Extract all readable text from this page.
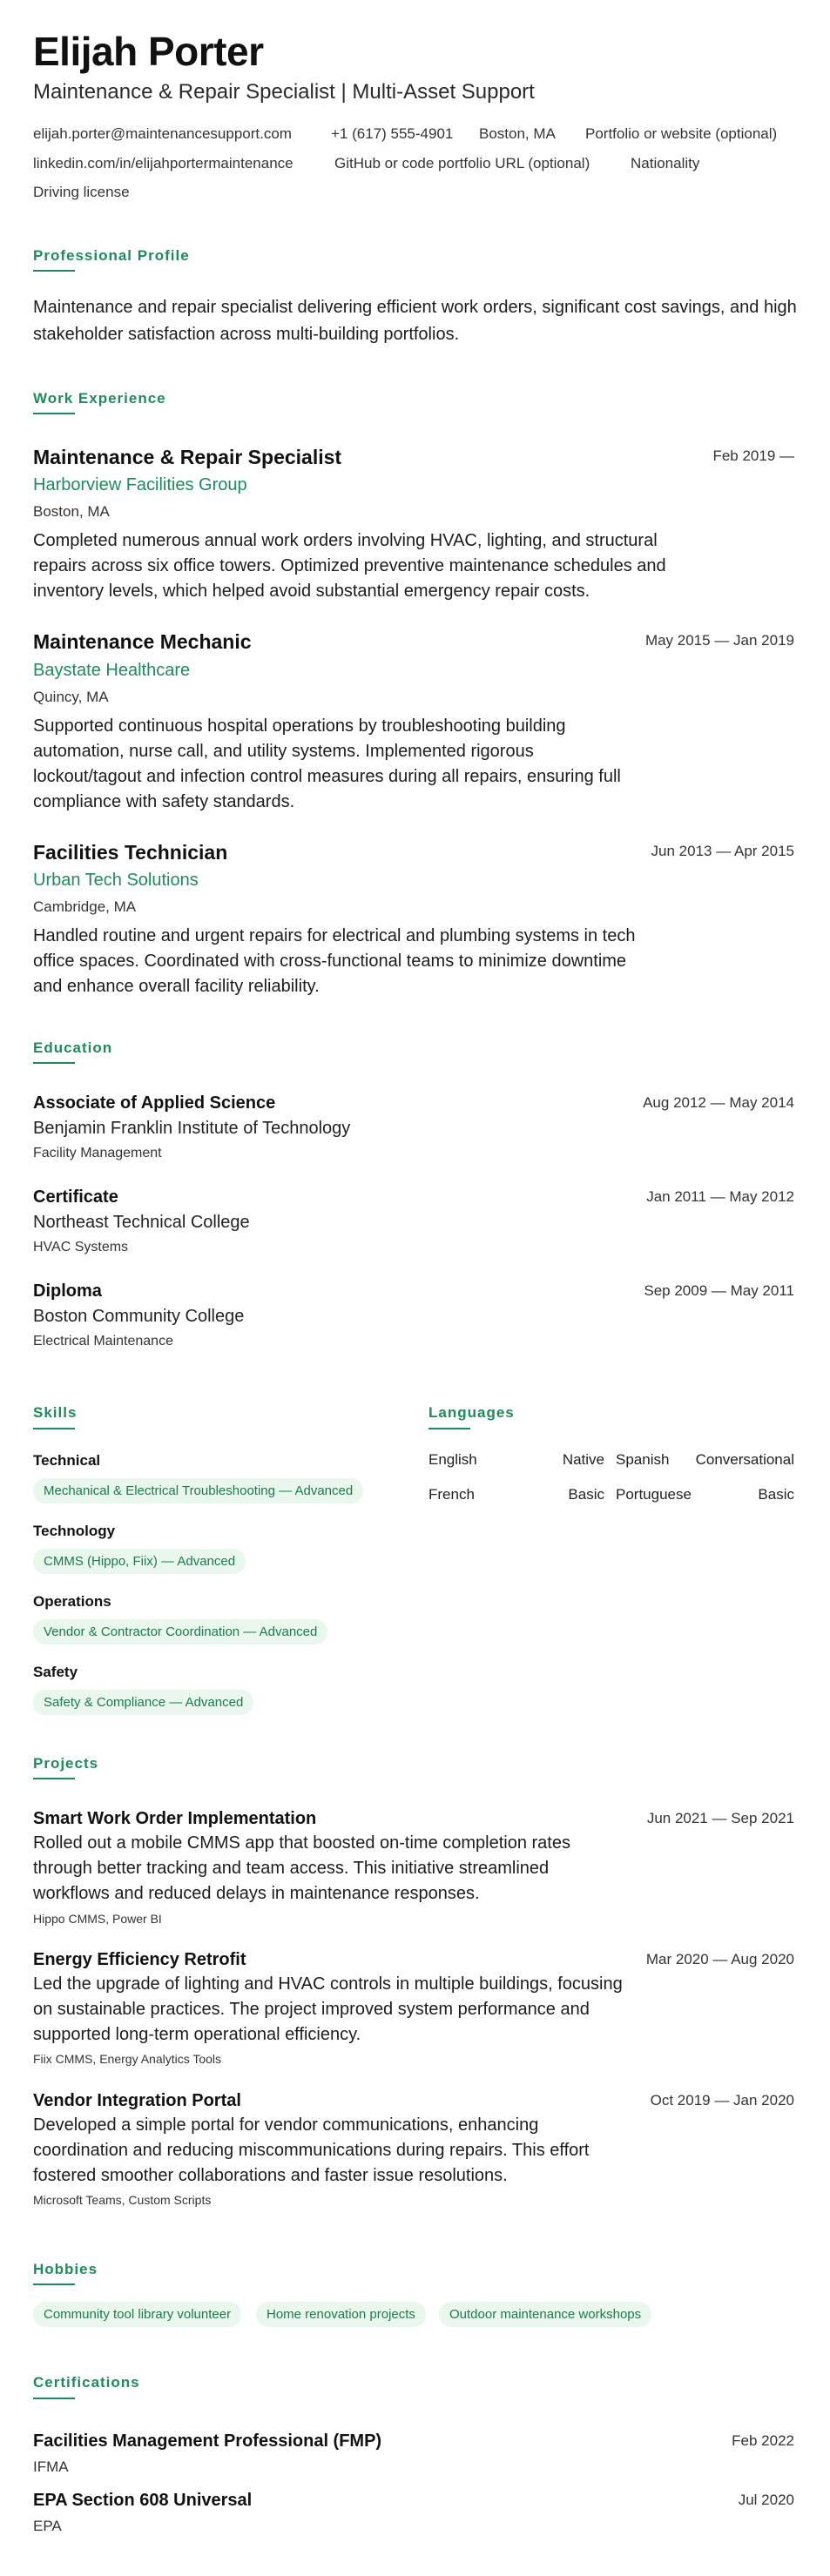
Elijah Porter
Maintenance & Repair Specialist | Multi-Asset Support
elijah.porter@maintenancesupport.com	+1 (617) 555-4901 Boston, MA Portfolio or website (optional)
linkedin.com/in/elijahportermaintenance	GitHub or code portfolio URL (optional)	Nationality
Driving license
Professional Profile
Maintenance and repair specialist delivering efficient work orders, significant cost savings, and high stakeholder satisfaction across multi-building portfolios.
Work Experience
Maintenance & Repair Specialist	Feb 2019 —
Harborview Facilities Group
Boston, MA
Completed numerous annual work orders involving HVAC, lighting, and structural repairs across six office towers. Optimized preventive maintenance schedules and inventory levels, which helped avoid substantial emergency repair costs.
Maintenance Mechanic	May 2015 — Jan 2019
Baystate Healthcare
Quincy, MA
Supported continuous hospital operations by troubleshooting building automation, nurse call, and utility systems. Implemented rigorous lockout/tagout and infection control measures during all repairs, ensuring full compliance with safety standards.
Facilities Technician	Jun 2013 — Apr 2015
Urban Tech Solutions
Cambridge, MA
Handled routine and urgent repairs for electrical and plumbing systems in tech office spaces. Coordinated with cross-functional teams to minimize downtime and enhance overall facility reliability.
Education
Associate of Applied Science	Aug 2012 — May 2014
Benjamin Franklin Institute of Technology
Facility Management
Certificate	Jan 2011 — May 2012
Northeast Technical College
HVAC Systems
Diploma	Sep 2009 — May 2011
Boston Community College
Electrical Maintenance
Skills
Technical
Mechanical & Electrical Troubleshooting — Advanced
Technology
CMMS (Hippo, Fiix) — Advanced
Operations
Vendor & Contractor Coordination — Advanced
Safety
Safety & Compliance — Advanced
Languages
English	Native Spanish	Conversational
French	Basic Portuguese	Basic
Projects
Smart Work Order Implementation	Jun 2021 — Sep 2021
Rolled out a mobile CMMS app that boosted on-time completion rates through better tracking and team access. This initiative streamlined workflows and reduced delays in maintenance responses.
Hippo CMMS, Power BI
Energy Efficiency Retrofit	Mar 2020 — Aug 2020
Led the upgrade of lighting and HVAC controls in multiple buildings, focusing on sustainable practices. The project improved system performance and supported long-term operational efficiency.
Fiix CMMS, Energy Analytics Tools
Vendor Integration Portal	Oct 2019 — Jan 2020
Developed a simple portal for vendor communications, enhancing coordination and reducing miscommunications during repairs. This effort fostered smoother collaborations and faster issue resolutions.
Microsoft Teams, Custom Scripts
Hobbies
Community tool library volunteer	Home renovation projects	Outdoor maintenance workshops
Certifications
Facilities Management Professional (FMP)	Feb 2022
IFMA
EPA Section 608 Universal	Jul 2020
EPA
